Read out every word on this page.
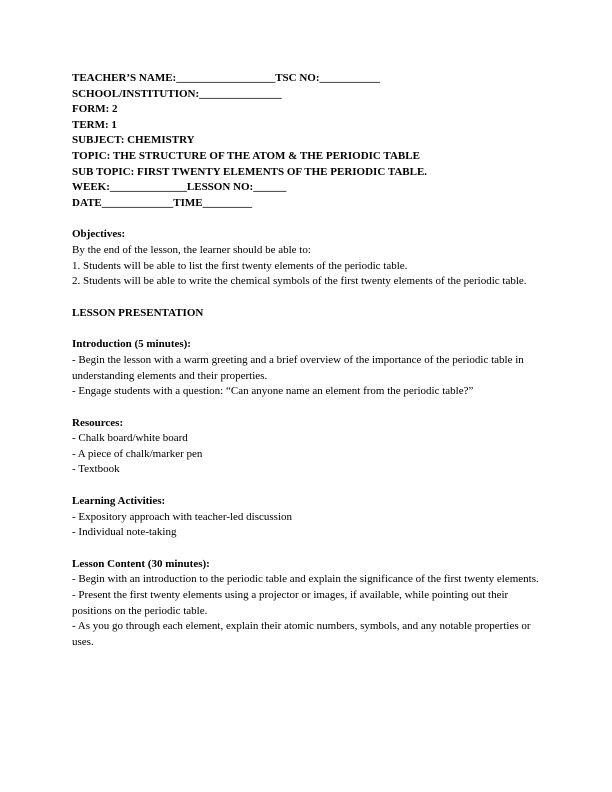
TEACHER’S NAME:__________________TSC NO:___________

SCHOOL/INSTITUTION:_______________

FORM: 2

TERM: 1

SUBJECT: CHEMISTRY

TOPIC: THE STRUCTURE OF THE ATOM & THE PERIODIC TABLE

SUB TOPIC: FIRST TWENTY ELEMENTS OF THE PERIODIC TABLE.

WEEK:______________LESSON NO:______

DATE_____________TIME_________

Objectives:

By the end of the lesson, the learner should be able to:

1. Students will be able to list the first twenty elements of the periodic table.

2. Students will be able to write the chemical symbols of the first twenty elements of the periodic table.

LESSON PRESENTATION

Introduction (5 minutes):

- Begin the lesson with a warm greeting and a brief overview of the importance of the periodic table in understanding elements and their properties.

- Engage students with a question: “Can anyone name an element from the periodic table?”

Resources:

- Chalk board/white board

- A piece of chalk/marker pen

- Textbook

Learning Activities:

- Expository approach with teacher-led discussion

- Individual note-taking

Lesson Content (30 minutes):

- Begin with an introduction to the periodic table and explain the significance of the first twenty elements.

- Present the first twenty elements using a projector or images, if available, while pointing out their positions on the periodic table.

- As you go through each element, explain their atomic numbers, symbols, and any notable properties or uses.
